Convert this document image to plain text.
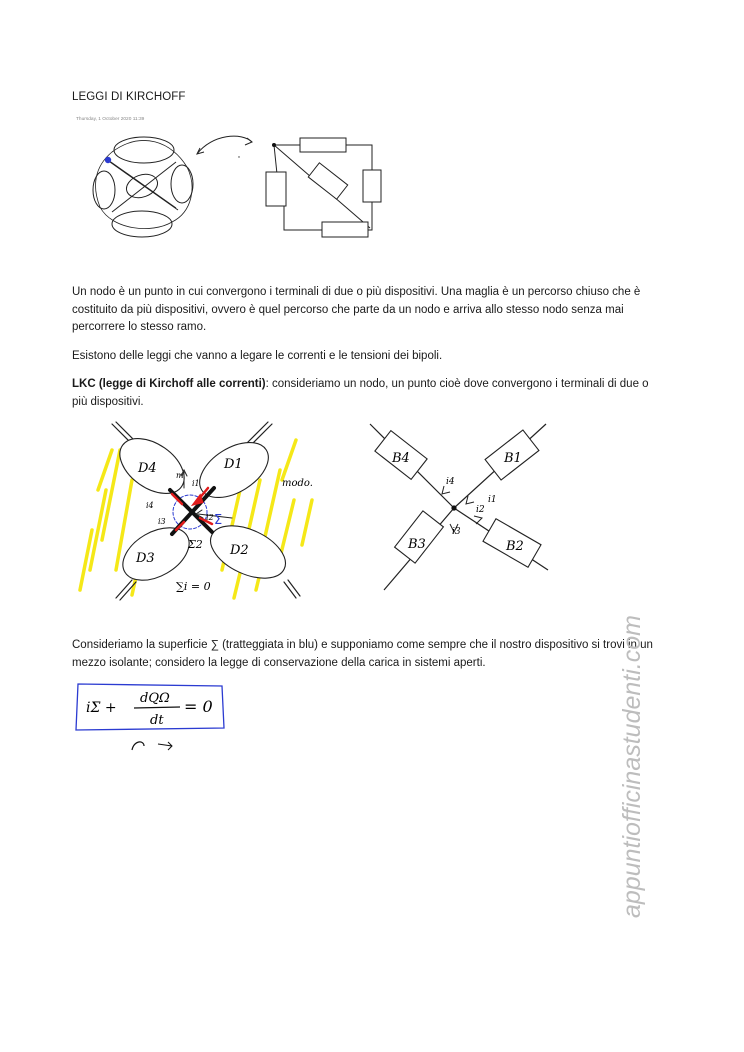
LEGGI DI KIRCHOFF
Thursday, 1 October 2020 11:39

Un nodo è un punto in cui convergono i terminali di due o più dispositivi. Una maglia è un percorso chiuso che è costituito da più dispositivi, ovvero è quel percorso che parte da un nodo e arriva allo stesso nodo senza mai percorrere lo stesso ramo.

Esistono delle leggi che vanno a legare le correnti e le tensioni dei bipoli.

LKC (legge di Kirchoff alle correnti): consideriamo un nodo, un punto cioè dove convergono i terminali di due o più dispositivi.

D4	D1
D3
D2
Σ
Σ2
i1
i2
i3
i4
m
modo.
∑i = 0
B4	B1
B3	B2
i1
i2
i3
i4

Consideriamo la superficie ∑ (tratteggiata in blu) e supponiamo come sempre che il nostro dispositivo si trovi in un mezzo isolante; considero la legge di conservazione della carica in sistemi aperti.

iΣ +
dQΩ
dt
= 0	appuntiofficinastudenti.com
